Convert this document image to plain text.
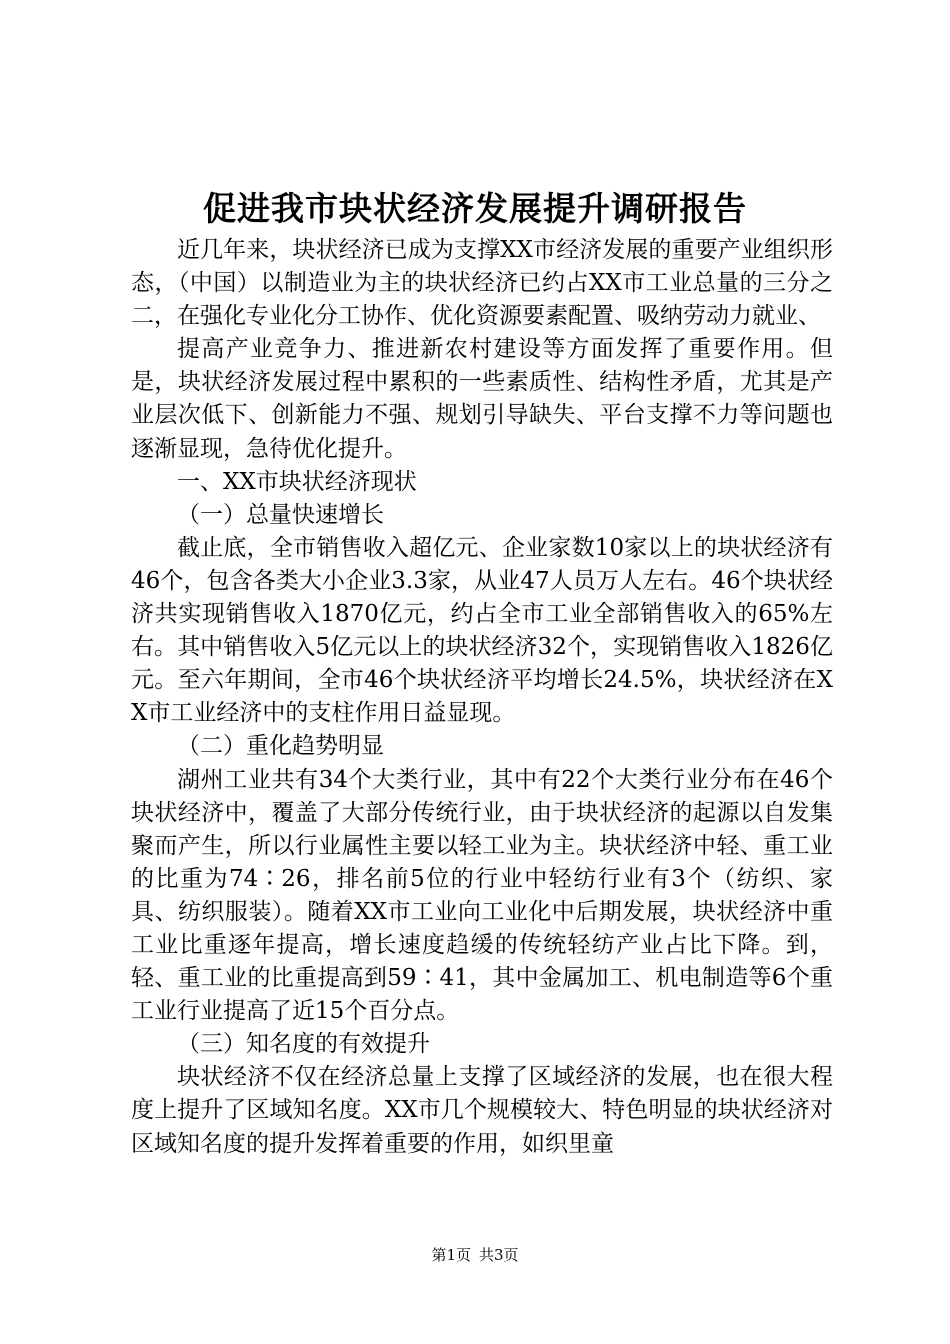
促进我市块状经济发展提升调研报告

近几年来，块状经济已成为支撑XX市经济发展的重要产业组织形态，（中国）以制造业为主的块状经济已约占XX市工业总量的三分之二，在强化专业化分工协作、优化资源要素配置、吸纳劳动力就业、

提高产业竞争力、推进新农村建设等方面发挥了重要作用。但是，块状经济发展过程中累积的一些素质性、结构性矛盾，尤其是产业层次低下、创新能力不强、规划引导缺失、平台支撑不力等问题也逐渐显现，急待优化提升。

一、XX市块状经济现状

（一）总量快速增长

截止底，全市销售收入超亿元、企业家数10家以上的块状经济有46个，包含各类大小企业3.3家，从业47人员万人左右。46个块状经济共实现销售收入1870亿元，约占全市工业全部销售收入的65%左右。其中销售收入5亿元以上的块状经济32个，实现销售收入1826亿元。至六年期间，全市46个块状经济平均增长24.5%，块状经济在XX市工业经济中的支柱作用日益显现。

（二）重化趋势明显

湖州工业共有34个大类行业，其中有22个大类行业分布在46个块状经济中，覆盖了大部分传统行业，由于块状经济的起源以自发集聚而产生，所以行业属性主要以轻工业为主。块状经济中轻、重工业的比重为74∶26，排名前5位的行业中轻纺行业有3个（纺织、家具、纺织服装）。随着XX市工业向工业化中后期发展，块状经济中重工业比重逐年提高，增长速度趋缓的传统轻纺产业占比下降。到，轻、重工业的比重提高到59∶41，其中金属加工、机电制造等6个重工业行业提高了近15个百分点。

（三）知名度的有效提升

块状经济不仅在经济总量上支撑了区域经济的发展，也在很大程度上提升了区域知名度。XX市几个规模较大、特色明显的块状经济对区域知名度的提升发挥着重要的作用，如织里童

第1页 共3页
